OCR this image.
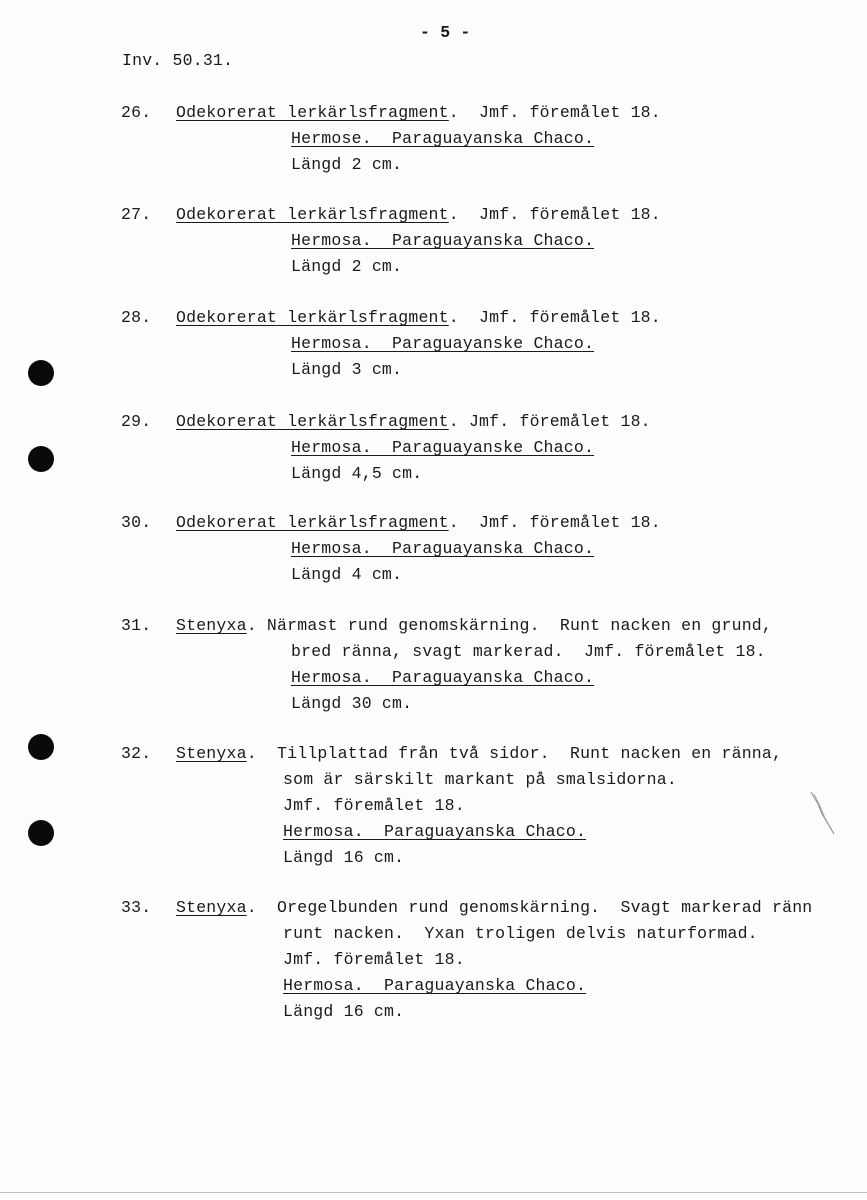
- 5 -
Inv. 50.31.
26. Odekorerat lerkärlsfragment.  Jmf. föremålet 18.
Hermose.  Paraguayanska Chaco.
Längd 2 cm.
27. Odekorerat lerkärlsfragment.  Jmf. föremålet 18.
Hermosa.  Paraguayanska Chaco.
Längd 2 cm.
28. Odekorerat lerkärlsfragment.  Jmf. föremålet 18.
Hermosa.  Paraguayanske Chaco.
Längd 3 cm.
29. Odekorerat lerkärlsfragment. Jmf. föremålet 18.
Hermosa.  Paraguayanske Chaco.
Längd 4,5 cm.
30. Odekorerat lerkärlsfragment.  Jmf. föremålet 18.
Hermosa.  Paraguayanska Chaco.
Längd 4 cm.
31. Stenyxa. Närmast rund genomskärning.  Runt nacken en grund,
bred ränna, svagt markerad.  Jmf. föremålet 18.
Hermosa.  Paraguayanska Chaco.
Längd 30 cm.
32. Stenyxa.  Tillplattad från två sidor.  Runt nacken en ränna,
som är särskilt markant på smalsidorna.
Jmf. föremålet 18.
Hermosa.  Paraguayanska Chaco.
Längd 16 cm.
33. Stenyxa.  Oregelbunden rund genomskärning.  Svagt markerad ränn
runt nacken.  Yxan troligen delvis naturformad.
Jmf. föremålet 18.
Hermosa.  Paraguayanska Chaco.
Längd 16 cm.
